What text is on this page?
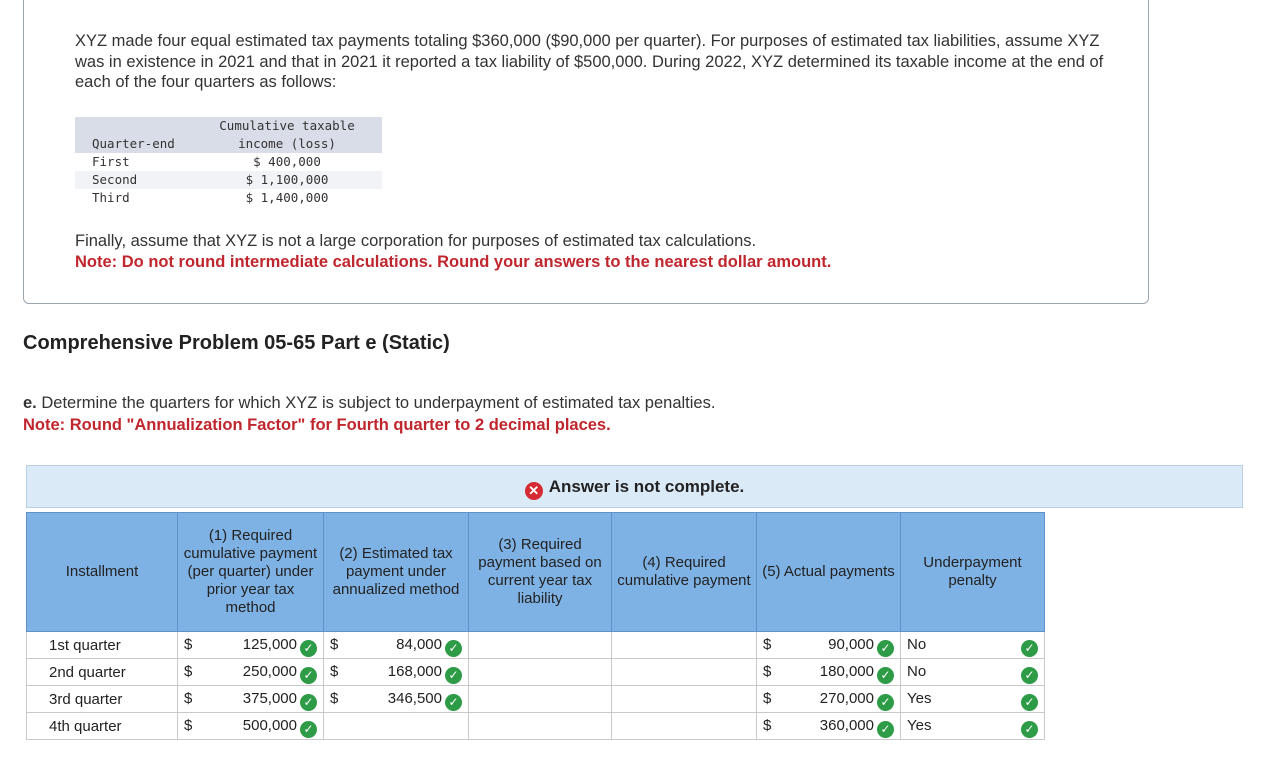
XYZ made four equal estimated tax payments totaling $360,000 ($90,000 per quarter). For purposes of estimated tax liabilities, assume XYZ was in existence in 2021 and that in 2021 it reported a tax liability of $500,000. During 2022, XYZ determined its taxable income at the end of each of the four quarters as follows:
Quarter-end	Cumulative taxable
income (loss)

First	$ 400,000
Second	$ 1,100,000
Third	$ 1,400,000
Finally, assume that XYZ is not a large corporation for purposes of estimated tax calculations.
Note: Do not round intermediate calculations. Round your answers to the nearest dollar amount.
Comprehensive Problem 05-65 Part e (Static)
e. Determine the quarters for which XYZ is subject to underpayment of estimated tax penalties.
Note: Round "Annualization Factor" for Fourth quarter to 2 decimal places.
✕ Answer is not complete.
Installment	(1) Required cumulative payment (per quarter) under prior year tax method	(2) Estimated tax payment under annualized method	(3) Required payment based on current year tax liability	(4) Required cumulative payment	(5) Actual payments	Underpayment penalty
1st quarter	$ 125,000 ✓	$ 84,000 ✓			$ 90,000 ✓	No ✓

2nd quarter	$ 250,000 ✓	$ 168,000 ✓			$ 180,000 ✓	No ✓

3rd quarter	$ 375,000 ✓	$ 346,500 ✓			$ 270,000 ✓	Yes ✓

4th quarter	$ 500,000 ✓				$ 360,000 ✓	Yes ✓
